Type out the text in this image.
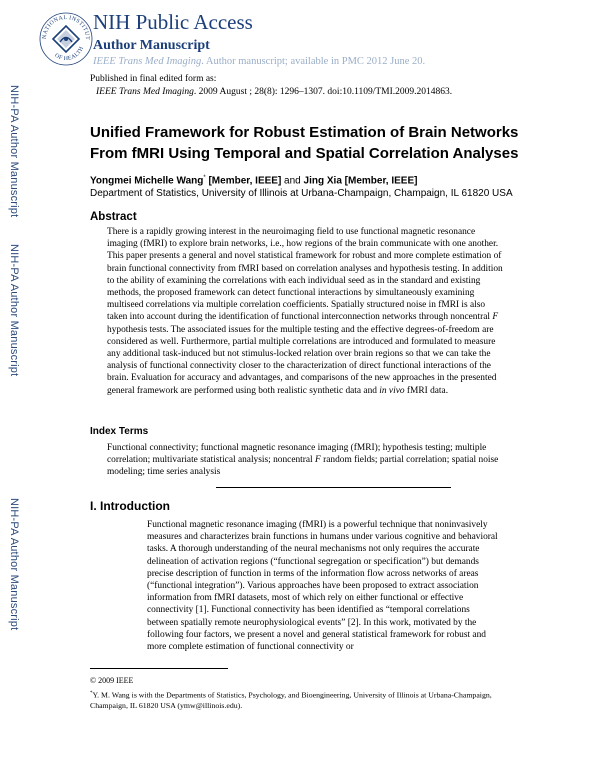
NATIONAL INSTITUT
OF HEALTH
NIH Public Access
Author Manuscript
IEEE Trans Med Imaging. Author manuscript; available in PMC 2012 June 20.
Published in final edited form as:
IEEE Trans Med Imaging. 2009 August ; 28(8): 1296–1307. doi:10.1109/TMI.2009.2014863.
NIH-PA Author Manuscript
NIH-PA Author Manuscript
NIH-PA Author Manuscript
Unified Framework for Robust Estimation of Brain Networks From fMRI Using Temporal and Spatial Correlation Analyses
Yongmei Michelle Wang* [Member, IEEE] and Jing Xia [Member, IEEE]
Department of Statistics, University of Illinois at Urbana-Champaign, Champaign, IL 61820 USA
Abstract

There is a rapidly growing interest in the neuroimaging field to use functional magnetic resonance imaging (fMRI) to explore brain networks, i.e., how regions of the brain communicate with one another. This paper presents a general and novel statistical framework for robust and more complete estimation of brain functional connectivity from fMRI based on correlation analyses and hypothesis testing. In addition to the ability of examining the correlations with each individual seed as in the standard and existing methods, the proposed framework can detect functional interactions by simultaneously examining multiseed correlations via multiple correlation coefficients. Spatially structured noise in fMRI is also taken into account during the identification of functional interconnection networks through noncentral F hypothesis tests. The associated issues for the multiple testing and the effective degrees-of-freedom are considered as well. Furthermore, partial multiple correlations are introduced and formulated to measure any additional task-induced but not stimulus-locked relation over brain regions so that we can take the analysis of functional connectivity closer to the characterization of direct functional interactions of the brain. Evaluation for accuracy and advantages, and comparisons of the new approaches in the presented general framework are performed using both realistic synthetic data and in vivo fMRI data.

Index Terms

Functional connectivity; functional magnetic resonance imaging (fMRI); hypothesis testing; multiple correlation; multivariate statistical analysis; noncentral F random fields; partial correlation; spatial noise modeling; time series analysis

I. Introduction

Functional magnetic resonance imaging (fMRI) is a powerful technique that noninvasively measures and characterizes brain functions in humans under various cognitive and behavioral tasks. A thorough understanding of the neural mechanisms not only requires the accurate delineation of activation regions (“functional segregation or specification”) but demands precise description of function in terms of the information flow across networks of areas (“functional integration”). Various approaches have been proposed to extract association information from fMRI datasets, most of which rely on either functional or effective connectivity [1]. Functional connectivity has been identified as “temporal correlations between spatially remote neurophysiological events” [2]. In this work, motivated by the following four factors, we present a novel and general statistical framework for robust and more complete estimation of functional connectivity or

© 2009 IEEE

*Y. M. Wang is with the Departments of Statistics, Psychology, and Bioengineering, University of Illinois at Urbana-Champaign, Champaign, IL 61820 USA (ymw@illinois.edu).
